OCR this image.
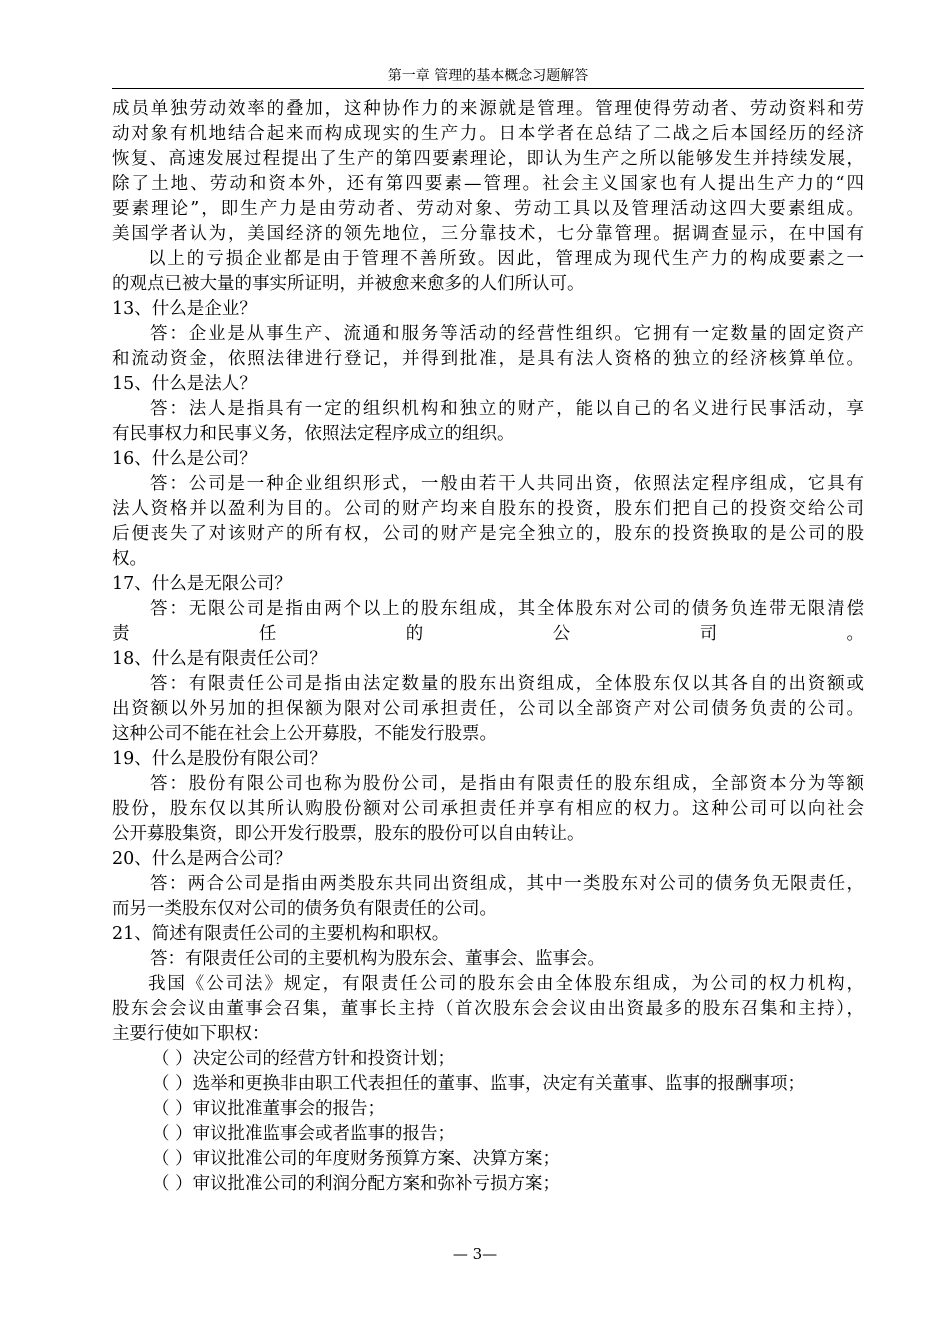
第一章 管理的基本概念习题解答
成员单独劳动效率的叠加，这种协作力的来源就是管理。管理使得劳动者、劳动资料和劳
动对象有机地结合起来而构成现实的生产力。日本学者在总结了二战之后本国经历的经济
恢复、高速发展过程提出了生产的第四要素理论，即认为生产之所以能够发生并持续发展，
除了土地、劳动和资本外，还有第四要素—管理。社会主义国家也有人提出生产力的“四
要素理论”，即生产力是由劳动者、劳动对象、劳动工具以及管理活动这四大要素组成。
美国学者认为，美国经济的领先地位，三分靠技术，七分靠管理。据调查显示，在中国有
以上的亏损企业都是由于管理不善所致。因此，管理成为现代生产力的构成要素之一
的观点已被大量的事实所证明，并被愈来愈多的人们所认可。
13、什么是企业？
答：企业是从事生产、流通和服务等活动的经营性组织。它拥有一定数量的固定资产
和流动资金，依照法律进行登记，并得到批准，是具有法人资格的独立的经济核算单位。
15、什么是法人？
答：法人是指具有一定的组织机构和独立的财产，能以自己的名义进行民事活动，享
有民事权力和民事义务，依照法定程序成立的组织。
16、什么是公司？
答：公司是一种企业组织形式，一般由若干人共同出资，依照法定程序组成，它具有
法人资格并以盈利为目的。公司的财产均来自股东的投资，股东们把自己的投资交给公司
后便丧失了对该财产的所有权，公司的财产是完全独立的，股东的投资换取的是公司的股
权。
17、什么是无限公司？
答：无限公司是指由两个以上的股东组成，其全体股东对公司的债务负连带无限清偿
责	任	的	公	司	。
18、什么是有限责任公司？
答：有限责任公司是指由法定数量的股东出资组成，全体股东仅以其各自的出资额或
出资额以外另加的担保额为限对公司承担责任，公司以全部资产对公司债务负责的公司。
这种公司不能在社会上公开募股，不能发行股票。
19、什么是股份有限公司？
答：股份有限公司也称为股份公司，是指由有限责任的股东组成，全部资本分为等额
股份，股东仅以其所认购股份额对公司承担责任并享有相应的权力。这种公司可以向社会
公开募股集资，即公开发行股票，股东的股份可以自由转让。
20、什么是两合公司？
答：两合公司是指由两类股东共同出资组成，其中一类股东对公司的债务负无限责任，
而另一类股东仅对公司的债务负有限责任的公司。
21、简述有限责任公司的主要机构和职权。
答：有限责任公司的主要机构为股东会、董事会、监事会。
我国《公司法》规定，有限责任公司的股东会由全体股东组成，为公司的权力机构，
股东会会议由董事会召集，董事长主持（首次股东会会议由出资最多的股东召集和主持），
主要行使如下职权：
（ ）决定公司的经营方针和投资计划；
（ ）选举和更换非由职工代表担任的董事、监事，决定有关董事、监事的报酬事项；
（ ）审议批准董事会的报告；
（ ）审议批准监事会或者监事的报告；
（ ）审议批准公司的年度财务预算方案、决算方案；
（ ）审议批准公司的利润分配方案和弥补亏损方案；
— 3—
